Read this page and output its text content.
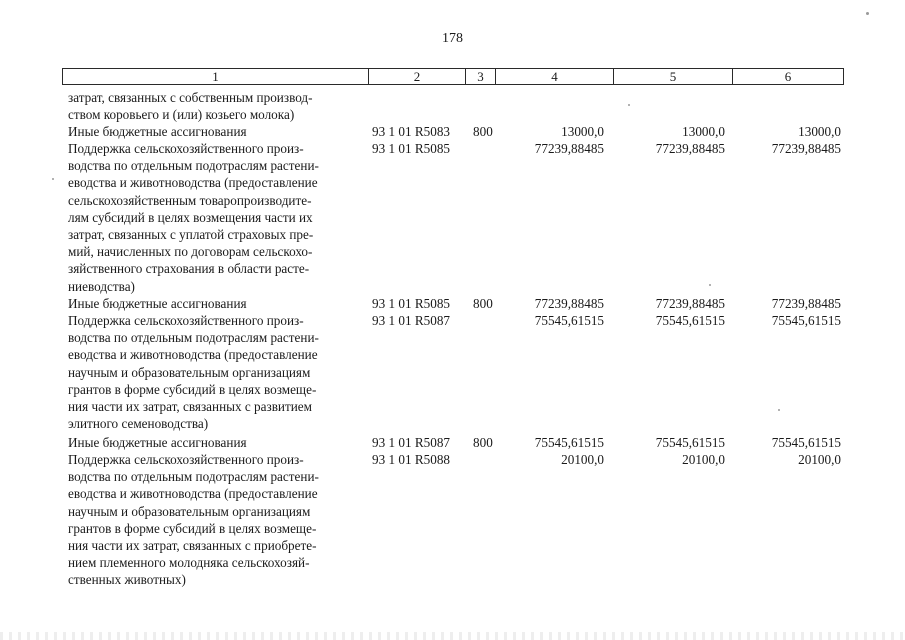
178
1	2	3	4	5	6
затрат, связанных с собственным производ-
ством коровьего и (или) козьего молока)
Иные бюджетные ассигнования	93 1 01 R5083 800	13000,0	13000,0	13000,0
Поддержка сельскохозяйственного произ-
водства по отдельным подотраслям растени-
еводства и животноводства (предоставление
сельскохозяйственным товаропроизводите-
лям субсидий в целях возмещения части их
затрат, связанных с уплатой страховых пре-
мий, начисленных по договорам сельскохо-
зяйственного страхования в области расте-
ниеводства)
93 1 01 R5085	77239,88485	77239,88485	77239,88485
Иные бюджетные ассигнования	93 1 01 R5085 800	77239,88485	77239,88485	77239,88485
Поддержка сельскохозяйственного произ-
водства по отдельным подотраслям растени-
еводства и животноводства (предоставление
научным и образовательным организациям
грантов в форме субсидий в целях возмеще-
ния части их затрат, связанных с развитием
элитного семеноводства)
93 1 01 R5087	75545,61515	75545,61515	75545,61515
Иные бюджетные ассигнования	93 1 01 R5087 800	75545,61515	75545,61515	75545,61515
Поддержка сельскохозяйственного произ-
водства по отдельным подотраслям растени-
еводства и животноводства (предоставление
научным и образовательным организациям
грантов в форме субсидий в целях возмеще-
ния части их затрат, связанных с приобрете-
нием племенного молодняка сельскохозяй-
ственных животных)
93 1 01 R5088	20100,0	20100,0	20100,0
